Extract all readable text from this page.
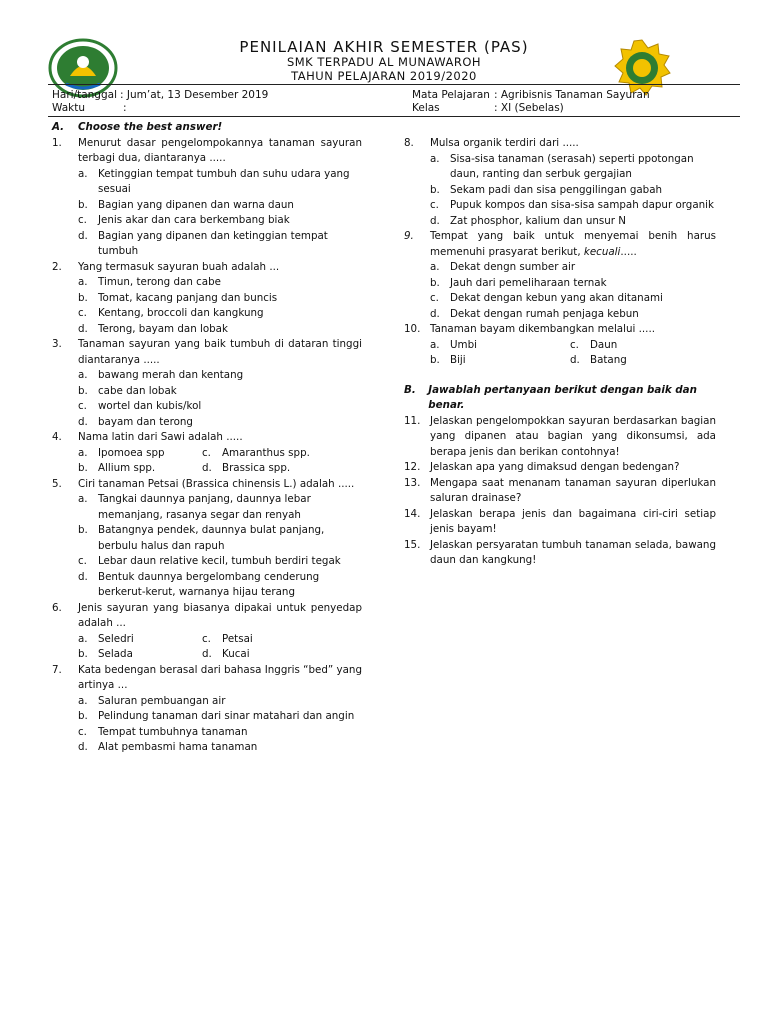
PENILAIAN AKHIR SEMESTER (PAS)
SMK TERPADU AL MUNAWAROH
TAHUN PELAJARAN 2019/2020
Hari/tanggal : Jum’at, 13 Desember 2019
Waktu	:
Mata Pelajaran : Agribisnis Tanaman Sayuran
Kelas	: XI (Sebelas)
A.	Choose the best answer!
1.	Menurut dasar pengelompokannya tanaman sayuran terbagi dua, diantaranya .....
a.	Ketinggian tempat tumbuh dan suhu udara yang sesuai
b. Bagian yang dipanen dan warna daun
c.	Jenis akar dan cara berkembang biak
d. Bagian yang dipanen dan ketinggian tempat tumbuh
2.	Yang termasuk sayuran buah adalah ...
a.	Timun, terong dan cabe
b. Tomat, kacang panjang dan buncis
c.	Kentang, broccoli dan kangkung
d. Terong, bayam dan lobak
3.	Tanaman sayuran yang baik tumbuh di dataran tinggi diantaranya .....
a.	bawang merah dan kentang
b. cabe dan lobak
c.	wortel dan kubis/kol
d. bayam dan terong
4.	Nama latin dari Sawi adalah .....
a.	Ipomoea spp	c.	Amaranthus spp.
b. Allium spp.	d. Brassica spp.
5.	Ciri tanaman Petsai (Brassica chinensis L.) adalah .....
a.	Tangkai daunnya panjang, daunnya lebar memanjang, rasanya segar dan renyah
b. Batangnya pendek, daunnya bulat panjang, berbulu halus dan rapuh
c.	Lebar daun relative kecil, tumbuh berdiri tegak
d. Bentuk daunnya bergelombang cenderung berkerut-kerut, warnanya hijau terang
6.	Jenis sayuran yang biasanya dipakai untuk penyedap adalah ...
a.	Seledri	c.	Petsai
b. Selada	d. Kucai
7.	Kata bedengan berasal dari bahasa Inggris “bed” yang artinya ...
a.	Saluran pembuangan air
b. Pelindung tanaman dari sinar matahari dan angin
c.	Tempat tumbuhnya tanaman
d. Alat pembasmi hama tanaman
8.	Mulsa organik terdiri dari .....
a.	Sisa-sisa tanaman (serasah) seperti ppotongan daun, ranting dan serbuk gergajian
b. Sekam padi dan sisa penggilingan gabah
c.	Pupuk kompos dan sisa-sisa sampah dapur organik
d. Zat phosphor, kalium dan unsur N
9.	Tempat yang baik untuk menyemai benih harus memenuhi prasyarat berikut, kecuali.....
a.	Dekat dengn sumber air
b. Jauh dari pemeliharaan ternak
c.	Dekat dengan kebun yang akan ditanami
d. Dekat dengan rumah penjaga kebun
10. Tanaman bayam dikembangkan melalui .....
a.	Umbi	c.	Daun
b. Biji	d. Batang
B.	Jawablah pertanyaan berikut dengan baik dan benar.
11. Jelaskan pengelompokkan sayuran berdasarkan bagian yang dipanen atau bagian yang dikonsumsi, ada berapa jenis dan berikan contohnya!
12. Jelaskan apa yang dimaksud dengan bedengan?
13. Mengapa saat menanam tanaman sayuran diperlukan saluran drainase?
14. Jelaskan berapa jenis dan bagaimana ciri-ciri setiap jenis bayam!
15. Jelaskan persyaratan tumbuh tanaman selada, bawang daun dan kangkung!
